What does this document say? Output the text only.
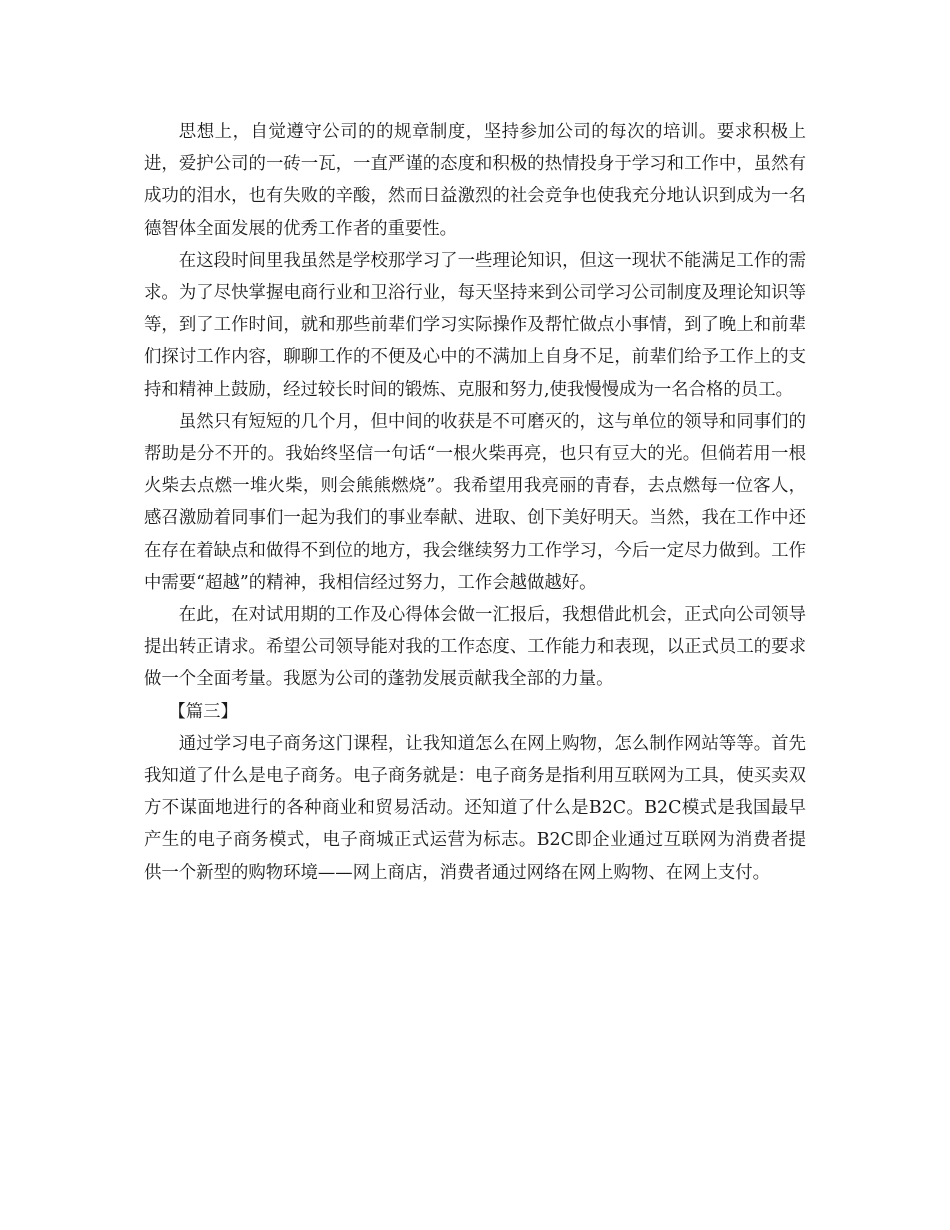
思想上，自觉遵守公司的的规章制度，坚持参加公司的每次的培训。要求积极上进，爱护公司的一砖一瓦，一直严谨的态度和积极的热情投身于学习和工作中，虽然有成功的泪水，也有失败的辛酸，然而日益激烈的社会竞争也使我充分地认识到成为一名德智体全面发展的优秀工作者的重要性。

在这段时间里我虽然是学校那学习了一些理论知识，但这一现状不能满足工作的需求。为了尽快掌握电商行业和卫浴行业，每天坚持来到公司学习公司制度及理论知识等等，到了工作时间，就和那些前辈们学习实际操作及帮忙做点小事情，到了晚上和前辈们探讨工作内容，聊聊工作的不便及心中的不满加上自身不足，前辈们给予工作上的支持和精神上鼓励，经过较长时间的锻炼、克服和努力,使我慢慢成为一名合格的员工。

虽然只有短短的几个月，但中间的收获是不可磨灭的，这与单位的领导和同事们的帮助是分不开的。我始终坚信一句话“一根火柴再亮，也只有豆大的光。但倘若用一根火柴去点燃一堆火柴，则会熊熊燃烧”。我希望用我亮丽的青春，去点燃每一位客人，感召激励着同事们一起为我们的事业奉献、进取、创下美好明天。当然，我在工作中还在存在着缺点和做得不到位的地方，我会继续努力工作学习，今后一定尽力做到。工作中需要“超越”的精神，我相信经过努力，工作会越做越好。

在此，在对试用期的工作及心得体会做一汇报后，我想借此机会，正式向公司领导提出转正请求。希望公司领导能对我的工作态度、工作能力和表现，以正式员工的要求做一个全面考量。我愿为公司的蓬勃发展贡献我全部的力量。

【篇三】

通过学习电子商务这门课程，让我知道怎么在网上购物，怎么制作网站等等。首先我知道了什么是电子商务。电子商务就是：电子商务是指利用互联网为工具，使买卖双方不谋面地进行的各种商业和贸易活动。还知道了什么是B2C。B2C模式是我国最早产生的电子商务模式，电子商城正式运营为标志。B2C即企业通过互联网为消费者提供一个新型的购物环境——网上商店，消费者通过网络在网上购物、在网上支付。
